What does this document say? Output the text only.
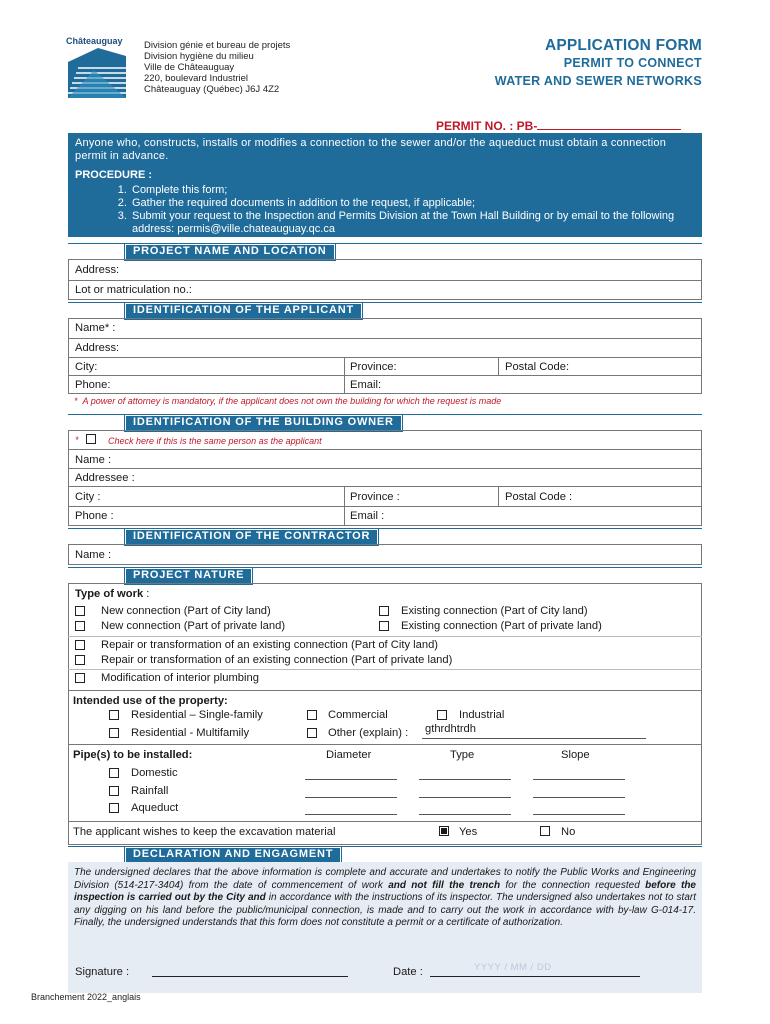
Châteauguay	Division génie et bureau de projets
Division hygiène du milieu
Ville de Châteauguay
220, boulevard Industriel
Châteauguay (Québec) J6J 4Z2
APPLICATION FORM
PERMIT TO CONNECT
WATER AND SEWER NETWORKS
PERMIT NO. : PB-
Anyone who, constructs, installs or modifies a connection to the sewer and/or the aqueduct must obtain a connection permit in advance.
PROCEDURE :
1. Complete this form;
2. Gather the required documents in addition to the request, if applicable;
3. Submit your request to the Inspection and Permits Division at the Town Hall Building or by email to the following address: permis@ville.chateauguay.qc.ca
PROJECT NAME AND LOCATION
Address:
Lot or matriculation no.:
IDENTIFICATION OF THE APPLICANT
Name* :
Address:
City:	Province:	Postal Code:
Phone:	Email:
* A power of attorney is mandatory, if the applicant does not own the building for which the request is made
IDENTIFICATION OF THE BUILDING OWNER
*	Check here if this is the same person as the applicant
Name :
Addressee :
City :	Province :	Postal Code :
Phone :	Email :
IDENTIFICATION OF THE CONTRACTOR
Name :
PROJECT NATURE
Type of work :
New connection (Part of City land)
New connection (Part of private land)
Existing connection (Part of City land)
Existing connection (Part of private land)
Repair or transformation of an existing connection (Part of City land)
Repair or transformation of an existing connection (Part of private land)
Modification of interior plumbing
Intended use of the property:
Residential – Single-family
Residential - Multifamily
Commercial	Industrial
Other (explain) : gthrdhtrdh
Pipe(s) to be installed:	Diameter	Type	Slope
Domestic
Rainfall
Aqueduct
The applicant wishes to keep the excavation material	Yes	No
DECLARATION AND ENGAGMENT
The undersigned declares that the above information is complete and accurate and undertakes to notify the Public Works and Engineering Division (514-217-3404) from the date of commencement of work and not fill the trench for the connection requested before the inspection is carried out by the City and in accordance with the instructions of its inspector. The undersigned also undertakes not to start any digging on his land before the public/municipal connection, is made and to carry out the work in accordance with by-law G-014-17. Finally, the undersigned understands that this form does not constitute a permit or a certificate of authorization.
Signature :	Date :	YYYY / MM / DD
Branchement 2022_anglais
